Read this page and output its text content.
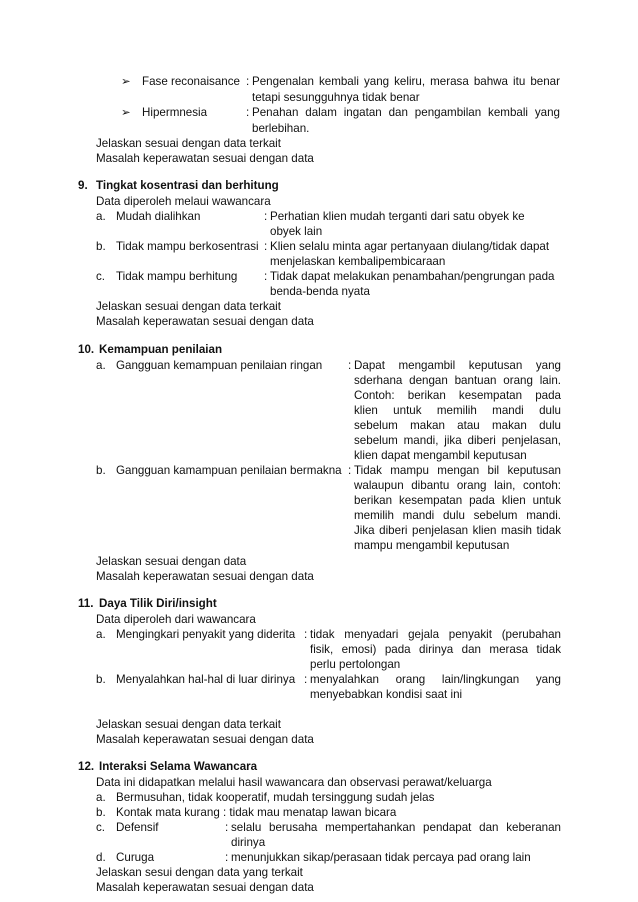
➢ Fase reconaisance : Pengenalan kembali yang keliru, merasa bahwa itu benar
tetapi sesungguhnya tidak benar
➢ Hipermnesia	: Penahan dalam ingatan dan pengambilan kembali yang
berlebihan.
Jelaskan sesuai dengan data terkait
Masalah keperawatan sesuai dengan data
9. Tingkat kosentrasi dan berhitung
Data diperoleh melaui wawancara
a. Mudah dialihkan	: Perhatian klien mudah terganti dari satu obyek ke
obyek lain
b. Tidak mampu berkosentrasi : Klien selalu minta agar pertanyaan diulang/tidak dapat
menjelaskan kembalipembicaraan
c. Tidak mampu berhitung : Tidak dapat melakukan penambahan/pengrungan pada
benda-benda nyata
Jelaskan sesuai dengan data terkait
Masalah keperawatan sesuai dengan data
10. Kemampuan penilaian
a. Gangguan kemampuan penilaian ringan : Dapat mengambil keputusan yang
sderhana dengan bantuan orang lain.
Contoh: berikan kesempatan pada
klien untuk memilih mandi dulu
sebelum makan atau makan dulu
sebelum mandi, jika diberi penjelasan,
klien dapat mengambil keputusan
b. Gangguan kamampuan penilaian bermakna : Tidak mampu mengan bil keputusan
walaupun dibantu orang lain, contoh:
berikan kesempatan pada klien untuk
memilih mandi dulu sebelum mandi.
Jika diberi penjelasan klien masih tidak
mampu mengambil keputusan
Jelaskan sesuai dengan data
Masalah keperawatan sesuai dengan data
11. Daya Tilik Diri/insight
Data diperoleh dari wawancara
a. Mengingkari penyakit yang diderita : tidak menyadari gejala penyakit (perubahan
fisik, emosi) pada dirinya dan merasa tidak
perlu pertolongan
b. Menyalahkan hal-hal di luar dirinya : menyalahkan orang lain/lingkungan yang
menyebabkan kondisi saat ini
Jelaskan sesuai dengan data terkait
Masalah keperawatan sesuai dengan data
12. Interaksi Selama Wawancara
Data ini didapatkan melalui hasil wawancara dan observasi perawat/keluarga
a. Bermusuhan, tidak kooperatif, mudah tersinggung sudah jelas
b. Kontak mata kurang : tidak mau menatap lawan bicara
c. Defensif	: selalu berusaha mempertahankan pendapat dan keberanan
dirinya
d. Curuga	: menunjukkan sikap/perasaan tidak percaya pad orang lain
Jelaskan sesui dengan data yang terkait
Masalah keperawatan sesuai dengan data
